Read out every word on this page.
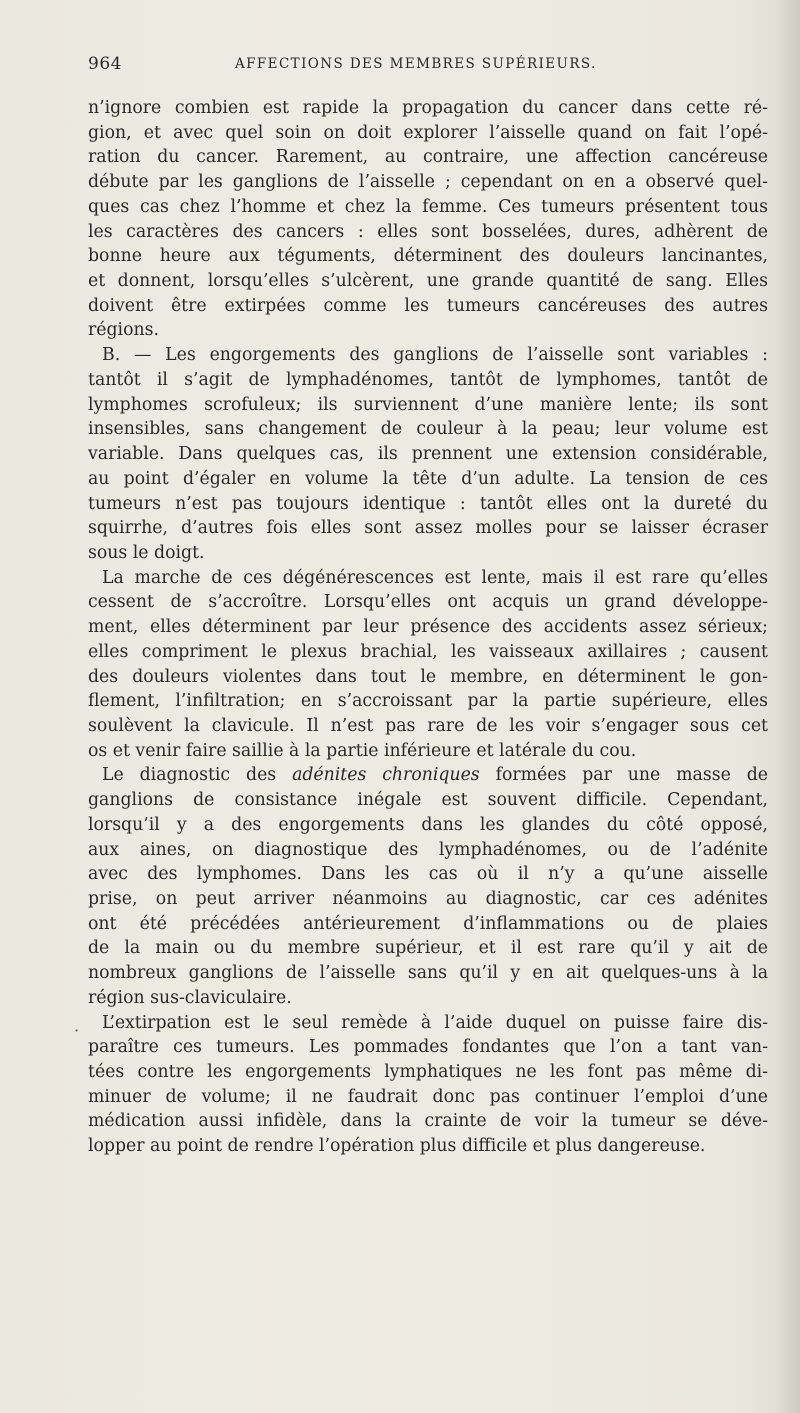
964	AFFECTIONS DES MEMBRES SUPÉRIEURS.
·
n’ignore combien est rapide la propagation du cancer dans cette ré-
gion, et avec quel soin on doit explorer l’aisselle quand on fait l’opé-
ration du cancer. Rarement, au contraire, une affection cancéreuse
débute par les ganglions de l’aisselle ; cependant on en a observé quel-
ques cas chez l’homme et chez la femme. Ces tumeurs présentent tous
les caractères des cancers : elles sont bosselées, dures, adhèrent de
bonne heure aux téguments, déterminent des douleurs lancinantes,
et donnent, lorsqu’elles s’ulcèrent, une grande quantité de sang. Elles
doivent être extirpées comme les tumeurs cancéreuses des autres
régions.
B. — Les engorgements des ganglions de l’aisselle sont variables :
tantôt il s’agit de lymphadénomes, tantôt de lymphomes, tantôt de
lymphomes scrofuleux; ils surviennent d’une manière lente; ils sont
insensibles, sans changement de couleur à la peau; leur volume est
variable. Dans quelques cas, ils prennent une extension considérable,
au point d’égaler en volume la tête d’un adulte. La tension de ces
tumeurs n’est pas toujours identique : tantôt elles ont la dureté du
squirrhe, d’autres fois elles sont assez molles pour se laisser écraser
sous le doigt.
La marche de ces dégénérescences est lente, mais il est rare qu’elles
cessent de s’accroître. Lorsqu’elles ont acquis un grand développe-
ment, elles déterminent par leur présence des accidents assez sérieux;
elles compriment le plexus brachial, les vaisseaux axillaires ; causent
des douleurs violentes dans tout le membre, en déterminent le gon-
flement, l’infiltration; en s’accroissant par la partie supérieure, elles
soulèvent la clavicule. Il n’est pas rare de les voir s’engager sous cet
os et venir faire saillie à la partie inférieure et latérale du cou.
Le diagnostic des adénites chroniques formées par une masse de
ganglions de consistance inégale est souvent difficile. Cependant,
lorsqu’il y a des engorgements dans les glandes du côté opposé,
aux aines, on diagnostique des lymphadénomes, ou de l’adénite
avec des lymphomes. Dans les cas où il n’y a qu’une aisselle
prise, on peut arriver néanmoins au diagnostic, car ces adénites
ont été précédées antérieurement d’inflammations ou de plaies
de la main ou du membre supérieur, et il est rare qu’il y ait de
nombreux ganglions de l’aisselle sans qu’il y en ait quelques-uns à la
région sus-claviculaire.
L’extirpation est le seul remède à l’aide duquel on puisse faire dis-
paraître ces tumeurs. Les pommades fondantes que l’on a tant van-
tées contre les engorgements lymphatiques ne les font pas même di-
minuer de volume; il ne faudrait donc pas continuer l’emploi d’une
médication aussi infidèle, dans la crainte de voir la tumeur se déve-
lopper au point de rendre l’opération plus difficile et plus dangereuse.
